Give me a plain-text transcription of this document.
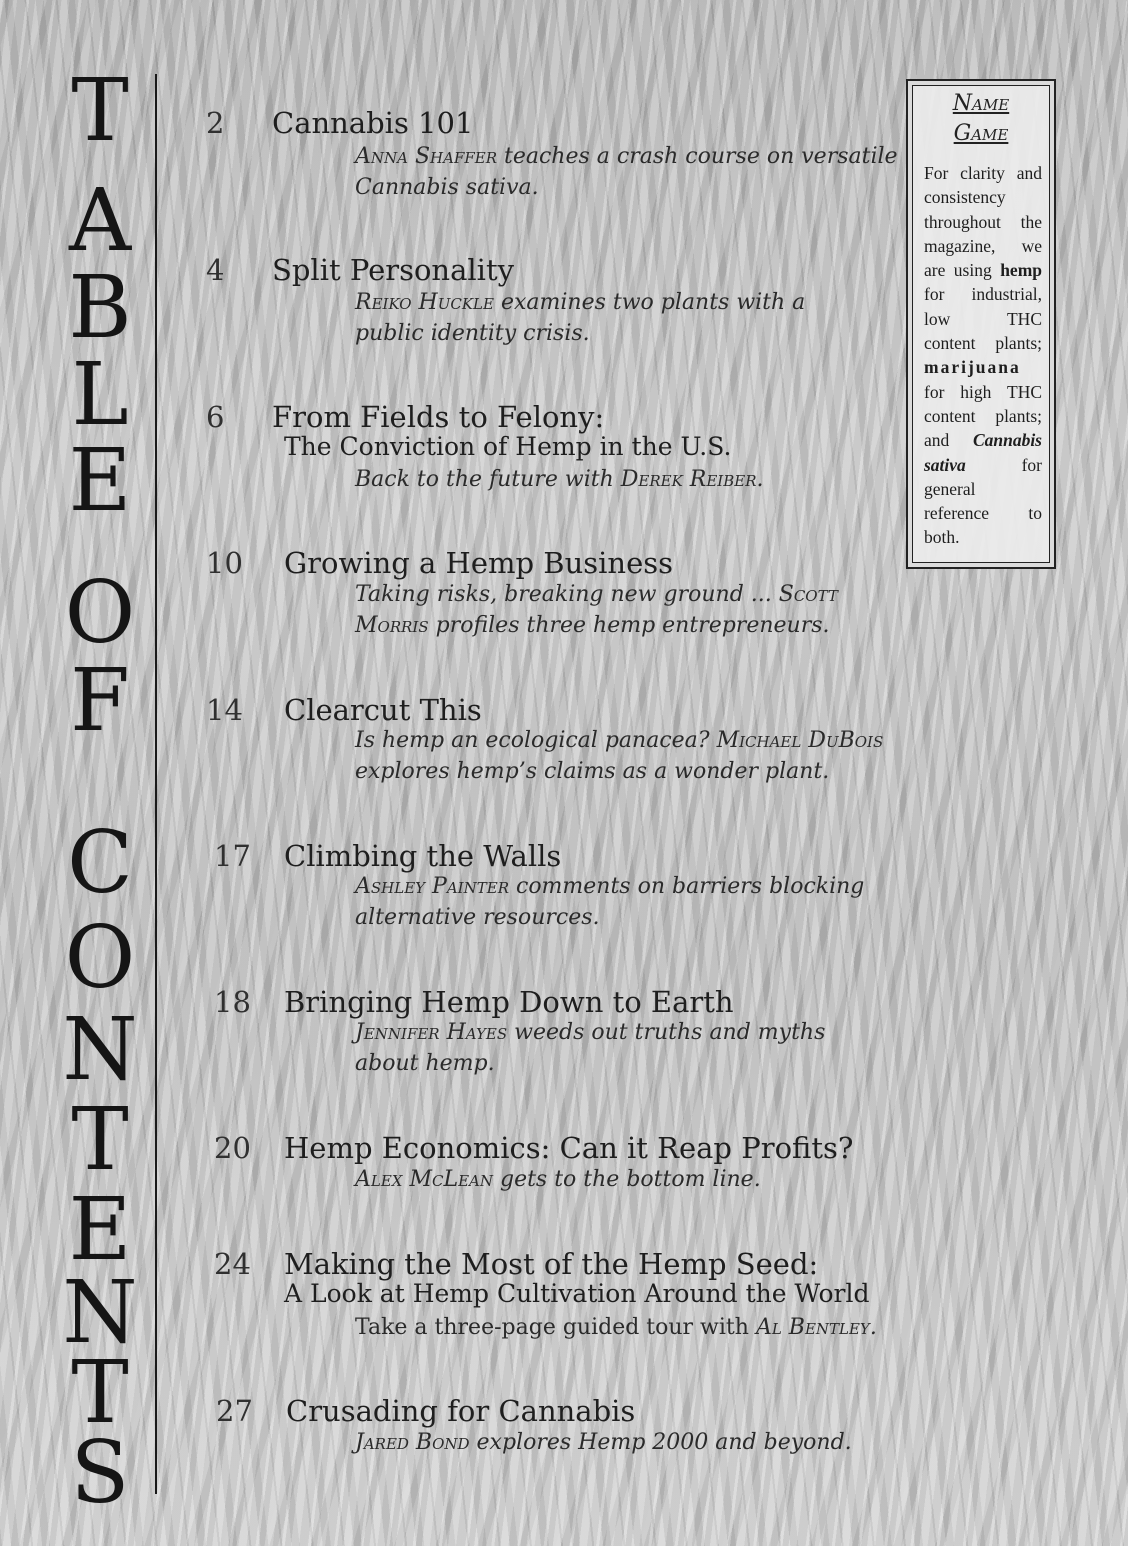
T
A
B
L
E
O
F
C
O
N
T
E
N
T
S
2 Cannabis 101
Anna Shaffer teaches a crash course on versatile Cannabis sativa.
4 Split Personality
Reiko Huckle examines two plants with a public identity crisis.
6 From Fields to Felony:
The Conviction of Hemp in the U.S.
Back to the future with Derek Reiber.
10 Growing a Hemp Business
Taking risks, breaking new ground ... Scott Morris profiles three hemp entrepreneurs.
14 Clearcut This
Is hemp an ecological panacea? Michael DuBois explores hemp’s claims as a wonder plant.
17 Climbing the Walls
Ashley Painter comments on barriers blocking alternative resources.
18 Bringing Hemp Down to Earth
Jennifer Hayes weeds out truths and myths about hemp.
20 Hemp Economics: Can it Reap Profits?
Alex McLean gets to the bottom line.
24 Making the Most of the Hemp Seed:
A Look at Hemp Cultivation Around the World
Take a three-page guided tour with Al Bentley.
27 Crusading for Cannabis
Jared Bond explores Hemp 2000 and beyond.
Name
Game
For clarity and consistency throughout the magazine, we are using hemp for industrial, low THC content plants; marijuana for high THC content plants; and Cannabis sativa for general reference to both.
